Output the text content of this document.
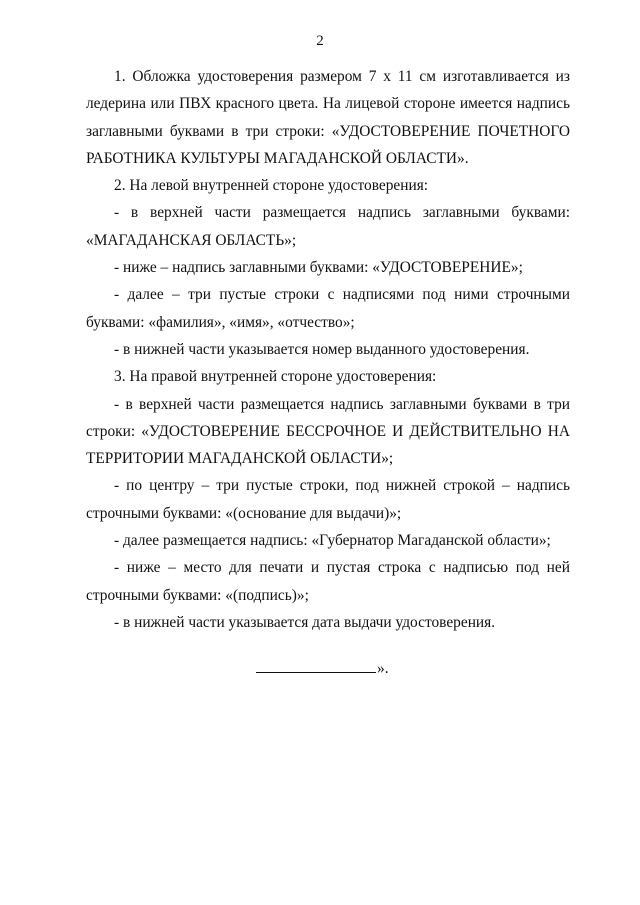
2

1. Обложка удостоверения размером 7 х 11 см изготавливается из ледерина или ПВХ красного цвета. На лицевой стороне имеется надпись заглавными буквами в три строки: «УДОСТОВЕРЕНИЕ ПОЧЕТНОГО РАБОТНИКА КУЛЬТУРЫ МАГАДАНСКОЙ ОБЛАСТИ».

2. На левой внутренней стороне удостоверения:

- в верхней части размещается надпись заглавными буквами: «МАГАДАНСКАЯ ОБЛАСТЬ»;

- ниже – надпись заглавными буквами: «УДОСТОВЕРЕНИЕ»;

- далее – три пустые строки с надписями под ними строчными буквами: «фамилия», «имя», «отчество»;

- в нижней части указывается номер выданного удостоверения.

3. На правой внутренней стороне удостоверения:

- в верхней части размещается надпись заглавными буквами в три строки: «УДОСТОВЕРЕНИЕ БЕССРОЧНОЕ И ДЕЙСТВИТЕЛЬНО НА ТЕРРИТОРИИ МАГАДАНСКОЙ ОБЛАСТИ»;

- по центру – три пустые строки, под нижней строкой – надпись строчными буквами: «(основание для выдачи)»;

- далее размещается надпись: «Губернатор Магаданской области»;

- ниже – место для печати и пустая строка с надписью под ней строчными буквами: «(подпись)»;

- в нижней части указывается дата выдачи удостоверения.

».
